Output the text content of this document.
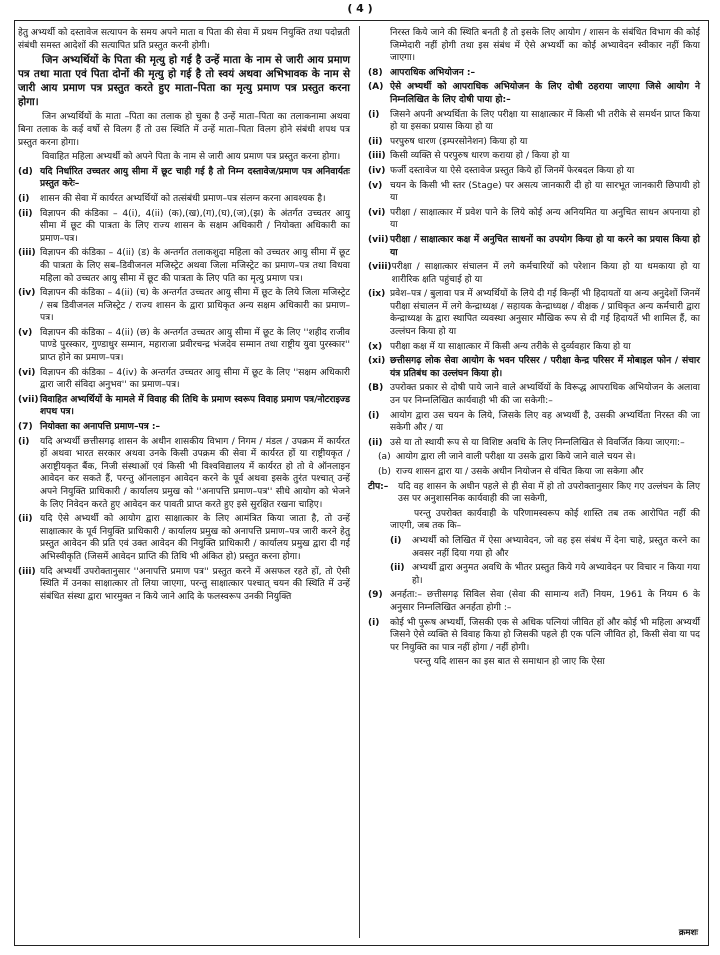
( 4 )
हेतु अभ्यर्थी को दस्तावेज सत्यापन के समय अपने माता व पिता की सेवा में प्रथम नियुक्ति तथा पदोन्नती संबंधी समस्त आदेशों की सत्यापित प्रति प्रस्तुत करनी होगी।
जिन अभ्यर्थियों के पिता की मृत्यु हो गई है उन्हें माता के नाम से जारी आय प्रमाण पत्र तथा माता एवं पिता दोनों की मृत्यु हो गई है तो स्वयं अथवा अभिभावक के नाम से जारी आय प्रमाण पत्र प्रस्तुत करते हुए माता–पिता का मृत्यु प्रमाण पत्र प्रस्तुत करना होगा।
जिन अभ्यर्थियों के माता –पिता का तलाक हो चुका है उन्हें माता–पिता का तलाकनामा अथवा बिना तलाक के कई वर्षो से विलग हैं तो उस स्थिति में उन्हें माता–पिता विलग होने संबंधी शपथ पत्र प्रस्तुत करना होगा।
विवाहित महिला अभ्यर्थी को अपने पिता के नाम से जारी आय प्रमाण पत्र प्रस्तुत करना होगा।
(d) यदि निर्धारित उच्चतर आयु सीमा में छूट चाही गई है तो निम्न दस्तावेज/प्रमाण पत्र अनिवार्यतः प्रस्तुत करेः–
(i)	शासन की सेवा में कार्यरत अभ्यर्थियों को तत्संबंधी प्रमाण–पत्र संलग्न करना आवश्यक है।
(ii) विज्ञापन की कंडिका – 4(i), 4(ii) (क),(ख),(ग),(घ),(ज),(झ) के अंतर्गत उच्चतर आयु सीमा में छूट की पात्रता के लिए राज्य शासन के सक्षम अधिकारी / नियोक्ता अधिकारी का प्रमाण–पत्र।
(iii) विज्ञापन की कंडिका – 4(ii) (ड) के अन्तर्गत तलाकशुदा महिला को उच्चतर आयु सीमा में छूट की पात्रता के लिए सब–डिवीजनल मजिस्ट्रेट अथवा जिला मजिस्ट्रेट का प्रमाण–पत्र तथा विधवा महिला को उच्चतर आयु सीमा में छूट की पात्रता के लिए पति का मृत्यु प्रमाण पत्र।
(iv) विज्ञापन की कंडिका – 4(ii) (च) के अन्तर्गत उच्चतर आयु सीमा में छूट के लिये जिला मजिस्ट्रेट / सब डिवीजनल मजिस्ट्रेट / राज्य शासन के द्वारा प्राधिकृत अन्य सक्षम अधिकारी का प्रमाण–पत्र।
(v) विज्ञापन की कंडिका – 4(ii) (छ) के अन्तर्गत उच्चतर आयु सीमा में छूट के लिए ''शहीद राजीव पाण्डे पुरस्कार, गुण्डाधुर सम्मान, महाराजा प्रवीरचन्द्र भंजदेव सम्मान तथा राष्ट्रीय युवा पुरस्कार'' प्राप्त होने का प्रमाण–पत्र।
(vi) विज्ञापन की कंडिका – 4(iv) के अन्तर्गत उच्चतर आयु सीमा में छूट के लिए ''सक्षम अधिकारी द्वारा जारी संविदा अनुभव'' का प्रमाण–पत्र।
(vii) विवाहित अभ्यर्थियों के मामले में विवाह की तिथि के प्रमाण स्वरूप विवाह प्रमाण पत्र/नोटराइज्ड शपथ पत्र।
(7) नियोक्ता का अनापत्ति प्रमाण–पत्र :–
(i)	यदि अभ्यर्थी छत्तीसगढ़ शासन के अधीन शासकीय विभाग / निगम / मंडल / उपक्रम में कार्यरत हों अथवा भारत सरकार अथवा उनके किसी उपक्रम की सेवा में कार्यरत हों या राष्ट्रीयकृत / अराष्ट्रीयकृत बैंक, निजी संस्थाओं एवं किसी भी विश्वविद्यालय में कार्यरत हो तो वे ऑनलाइन आवेदन कर सकते हैं, परन्तु ऑनलाइन आवेदन करने के पूर्व अथवा इसके तुरंत पश्चात् उन्हें अपने नियुक्ति प्राधिकारी / कार्यालय प्रमुख को ''अनापत्ति प्रमाण–पत्र'' सीधे आयोग को भेजने के लिए निवेदन करते हुए आवेदन कर पावती प्राप्त करते हुए इसे सुरक्षित रखना चाहिए।
(ii) यदि ऐसे अभ्यर्थी को आयोग द्वारा साक्षात्कार के लिए आमंत्रित किया जाता है, तो उन्हें साक्षात्कार के पूर्व नियुक्ति प्राधिकारी / कार्यालय प्रमुख को अनापत्ति प्रमाण–पत्र जारी करने हेतु प्रस्तुत आवेदन की प्रति एवं उक्त आवेदन की नियुक्ति प्राधिकारी / कार्यालय प्रमुख द्वारा दी गई अभिस्वीकृति (जिसमें आवेदन प्राप्ति की तिथि भी अंकित हो) प्रस्तुत करना होगा।
(iii) यदि अभ्यर्थी उपरोक्तानुसार ''अनापत्ति प्रमाण पत्र'' प्रस्तुत करने में असफल रहते हों, तो ऐसी स्थिति में उनका साक्षात्कार तो लिया जाएगा, परन्तु साक्षात्कार पश्चात् चयन की स्थिति में उन्हें संबंधित संस्था द्वारा भारमुक्त न किये जाने आदि के फलस्वरूप उनकी नियुक्ति
निरस्त किये जाने की स्थिति बनती है तो इसके लिए आयोग / शासन के संबंधित विभाग की कोई जिम्मेदारी नहीं होगी तथा इस संबंध में ऐसे अभ्यर्थी का कोई अभ्यावेदन स्वीकार नहीं किया जाएगा।
(8) आपराधिक अभियोजन :–
(A) ऐसे अभ्यर्थी को आपराधिक अभियोजन के लिए दोषी ठहराया जाएगा जिसे आयोग ने निम्नलिखित के लिए दोषी पाया हो:–
(i)	जिसने अपनी अभ्यर्थिता के लिए परीक्षा या साक्षात्कार में किसी भी तरीके से समर्थन प्राप्त किया हो या इसका प्रयास किया हो या
(ii) परपुरुष धारण (इम्परसोनेशन) किया हो या
(iii) किसी व्यक्ति से परपुरुष धारण कराया हो / किया हो या
(iv) फर्जी दस्तावेज या ऐसे दस्तावेज प्रस्तुत किये हों जिनमें फेरबदल किया हो या
(v) चयन के किसी भी स्तर (Stage) पर असत्य जानकारी दी हो या सारभूत जानकारी छिपायी हो या
(vi) परीक्षा / साक्षात्कार में प्रवेश पाने के लिये कोई अन्य अनियमित या अनुचित साधन अपनाया हो या
(vii) परीक्षा / साक्षात्कार कक्ष में अनुचित साधनों का उपयोग किया हो या करने का प्रयास किया हो या
(viii) परीक्षा / साक्षात्कार संचालन में लगे कर्मचारियों को परेशान किया हो या धमकाया हो या शारीरिक क्षति पहुंचाई हो या
(ix) प्रवेश–पत्र / बुलावा पत्र में अभ्यर्थियों के लिये दी गई किन्हीं भी हिदायतों या अन्य अनुदेशों जिनमें परीक्षा संचालन में लगे केन्द्राध्यक्ष / सहायक केन्द्राध्यक्ष / वीक्षक / प्राधिकृत अन्य कर्मचारी द्वारा केन्द्राध्यक्ष के द्वारा स्थापित व्यवस्था अनुसार मौखिक रूप से दी गई हिदायतें भी शामिल हैं, का उल्लंघन किया हो या
(x) परीक्षा कक्ष में या साक्षात्कार में किसी अन्य तरीके से दुर्व्यवहार किया हो या
(xi) छत्तीसगढ़ लोक सेवा आयोग के भवन परिसर / परीक्षा केन्द्र परिसर में मोबाइल फोन / संचार यंत्र प्रतिबंध का उल्लंघन किया हो।
(B) उपरोक्त प्रकार से दोषी पाये जाने वाले अभ्यर्थियों के विरूद्ध आपराधिक अभियोजन के अलावा उन पर निम्नलिखित कार्यवाही भी की जा सकेगी:–
(i)	आयोग द्वारा उस चयन के लिये, जिसके लिए वह अभ्यर्थी है, उसकी अभ्यर्थिता निरस्त की जा सकेगी और / या
(ii) उसे या तो स्थायी रूप से या विशिष्ट अवधि के लिए निम्नलिखित से विवर्जित किया जाएगा:–
(a) आयोग द्वारा ली जाने वाली परीक्षा या उसके द्वारा किये जाने वाले चयन से।
(b) राज्य शासन द्वारा या / उसके अधीन नियोजन से वंचित किया जा सकेगा और
टीप:–	यदि वह शासन के अधीन पहले से ही सेवा में हो तो उपरोक्तानुसार किए गए उल्लंघन के लिए उस पर अनुशासनिक कार्यवाही की जा सकेगी,
परन्तु उपरोक्त कार्यवाही के परिणामस्वरूप कोई शास्ति तब तक आरोपित नहीं की जाएगी, जब तक कि–
(i)	अभ्यर्थी को लिखित में ऐसा अभ्यावेदन, जो वह इस संबंध में देना चाहे, प्रस्तुत करने का अवसर नहीं दिया गया हो और
(ii) अभ्यर्थी द्वारा अनुमत अवधि के भीतर प्रस्तुत किये गये अभ्यावेदन पर विचार न किया गया हो।
(9) अनर्हता:– छत्तीसगढ़ सिविल सेवा (सेवा की सामान्य शर्तें) नियम, 1961 के नियम 6 के अनुसार निम्नलिखित अनर्हता होगी :–
(i)	कोई भी पुरूष अभ्यर्थी, जिसकी एक से अधिक पत्नियां जीवित हों और कोई भी महिला अभ्यर्थी जिसने ऐसे व्यक्ति से विवाह किया हो जिसकी पहले ही एक पत्नि जीवित हो, किसी सेवा या पद पर नियुक्ति का पात्र नहीं होगा / नहीं होगी।
परन्तु यदि शासन का इस बात से समाधान हो जाए कि ऐसा
क्रमशः
